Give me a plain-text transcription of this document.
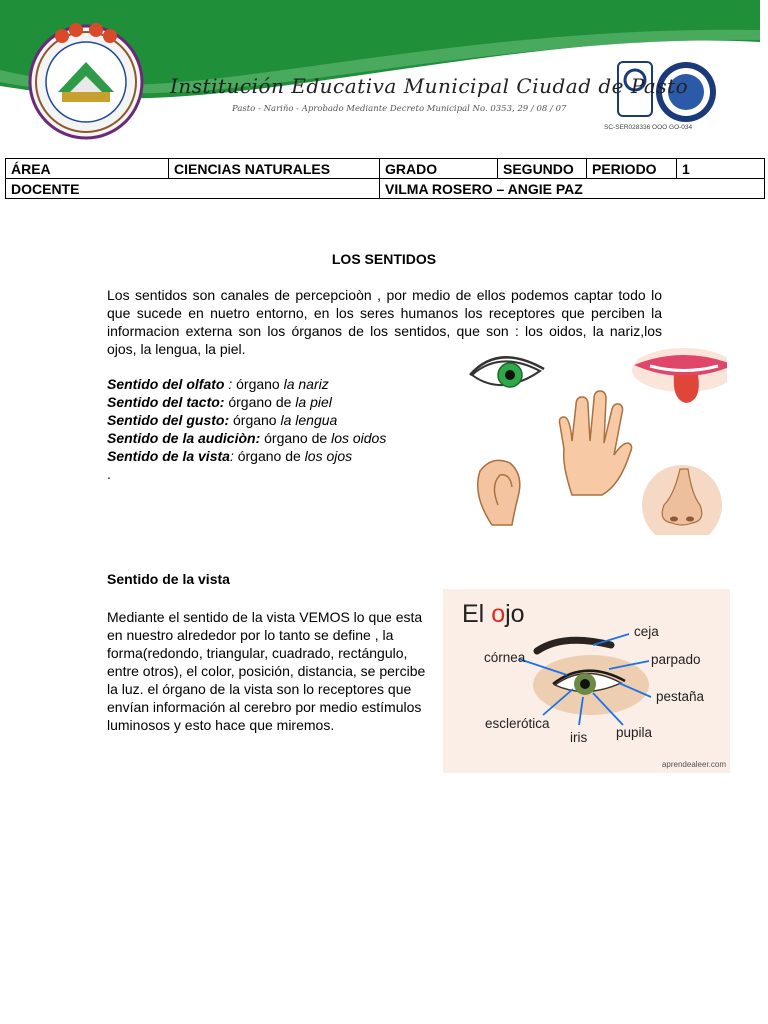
Institución Educativa Municipal Ciudad de Pasto
Pasto - Nariño - Aprobado Mediante Decreto Municipal No. 0353, 29 / 08 / 07
SC-SER028336 OOO GO-034
ÁREA	CIENCIAS NATURALES	GRADO	SEGUNDO	PERIODO	1
DOCENTE		VILMA ROSERO – ANGIE PAZ			
LOS SENTIDOS
Los sentidos son canales de percepcioòn , por medio de ellos podemos captar todo lo que sucede en nuetro entorno, en los seres humanos los receptores que perciben la informacion externa son los órganos de los sentidos, que son : los oidos, la nariz,los ojos, la lengua, la piel.
Sentido del olfato : órgano la nariz
Sentido del tacto: órgano de la piel
Sentido del gusto: órgano la lengua
Sentido de la audiciòn: órgano de los oidos
Sentido de la vista: órgano de los ojos
.
Sentido de la vista
Mediante el sentido de la vista VEMOS lo que esta en nuestro alrededor por lo tanto se define , la forma(redondo, triangular, cuadrado, rectángulo, entre otros), el color, posición, distancia, se percibe la luz. el órgano de la vista son lo receptores que envían información al cerebro por medio estímulos luminosos y esto hace que miremos.
El ojo
ceja
córnea	parpado
pestaña
esclerótica
iris pupila
aprendealeer.com
